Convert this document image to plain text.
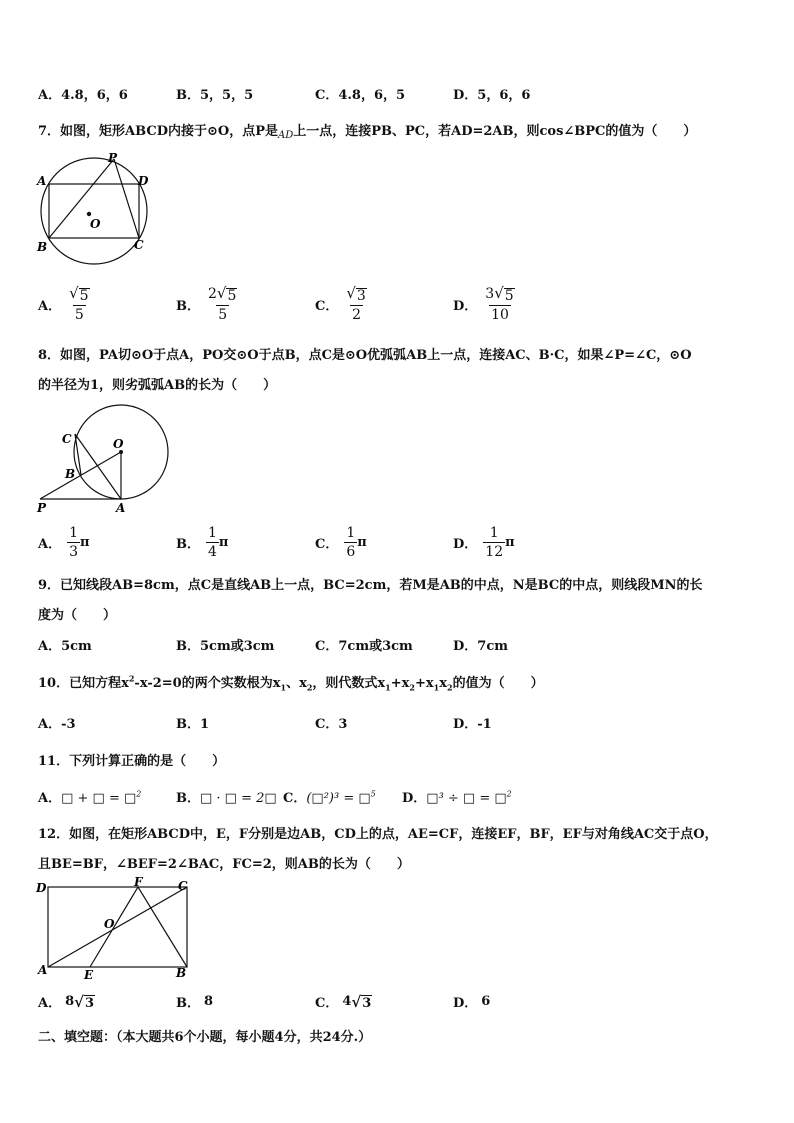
A．4.8，6，6	B．5，5，5	C．4.8，6，5	D．5，6，6
7．如图，矩形ABCD内接于⊙O，点P是AD上一点，连接PB、PC，若AD=2AB，则cos∠BPC的值为（　　）
P
A	D
B	C
O
A． $\frac{√ 5}{5}$	B． $\frac{2 √ 5}{5}$	C． $\frac{√ 3}{2}$	D． $\frac{3 √ 5}{10}$
8．如图，PA切⊙O于点A，PO交⊙O于点B，点C是⊙O优弧弧AB上一点，连接AC、B·C，如果∠P=∠C，⊙O
的半径为1，则劣弧弧AB的长为（　　）
C	O
B
P	A
A． $\frac{1}{3}$ π	B． $\frac{1}{4}$ π	C． $\frac{1}{6}$ π	D． $\frac{1}{12}$ π
9．已知线段AB=8cm，点C是直线AB上一点，BC=2cm，若M是AB的中点，N是BC的中点，则线段MN的长
度为（　　）
A．5cm	B．5cm或3cm	C．7cm或3cm	D．7cm
10．已知方程$x^2-x-2=0$的两个实数根为$x_1$、$x_2$，则代数式$x_1+x_2+x_1x_2$的值为（　　）
A．-3	B．1	C．3	D．-1
11．下列计算正确的是（　　）
A．□ + □ = □$^2$	B．□ · □ = 2□ C．(□²)³ = □$^5$ D．□³ ÷ □ = □$^2$
12．如图，在矩形ABCD中，E，F分别是边AB，CD上的点，AE=CF，连接EF，BF，EF与对角线AC交于点O，
且BE=BF，∠BEF=2∠BAC，FC=2，则AB的长为（　　）
D	F	C
O
A	E	B
A． 8 √ 3	B． 8	C． 4 √ 3	D． 6
二、填空题：（本大题共6个小题，每小题4分，共24分.）
